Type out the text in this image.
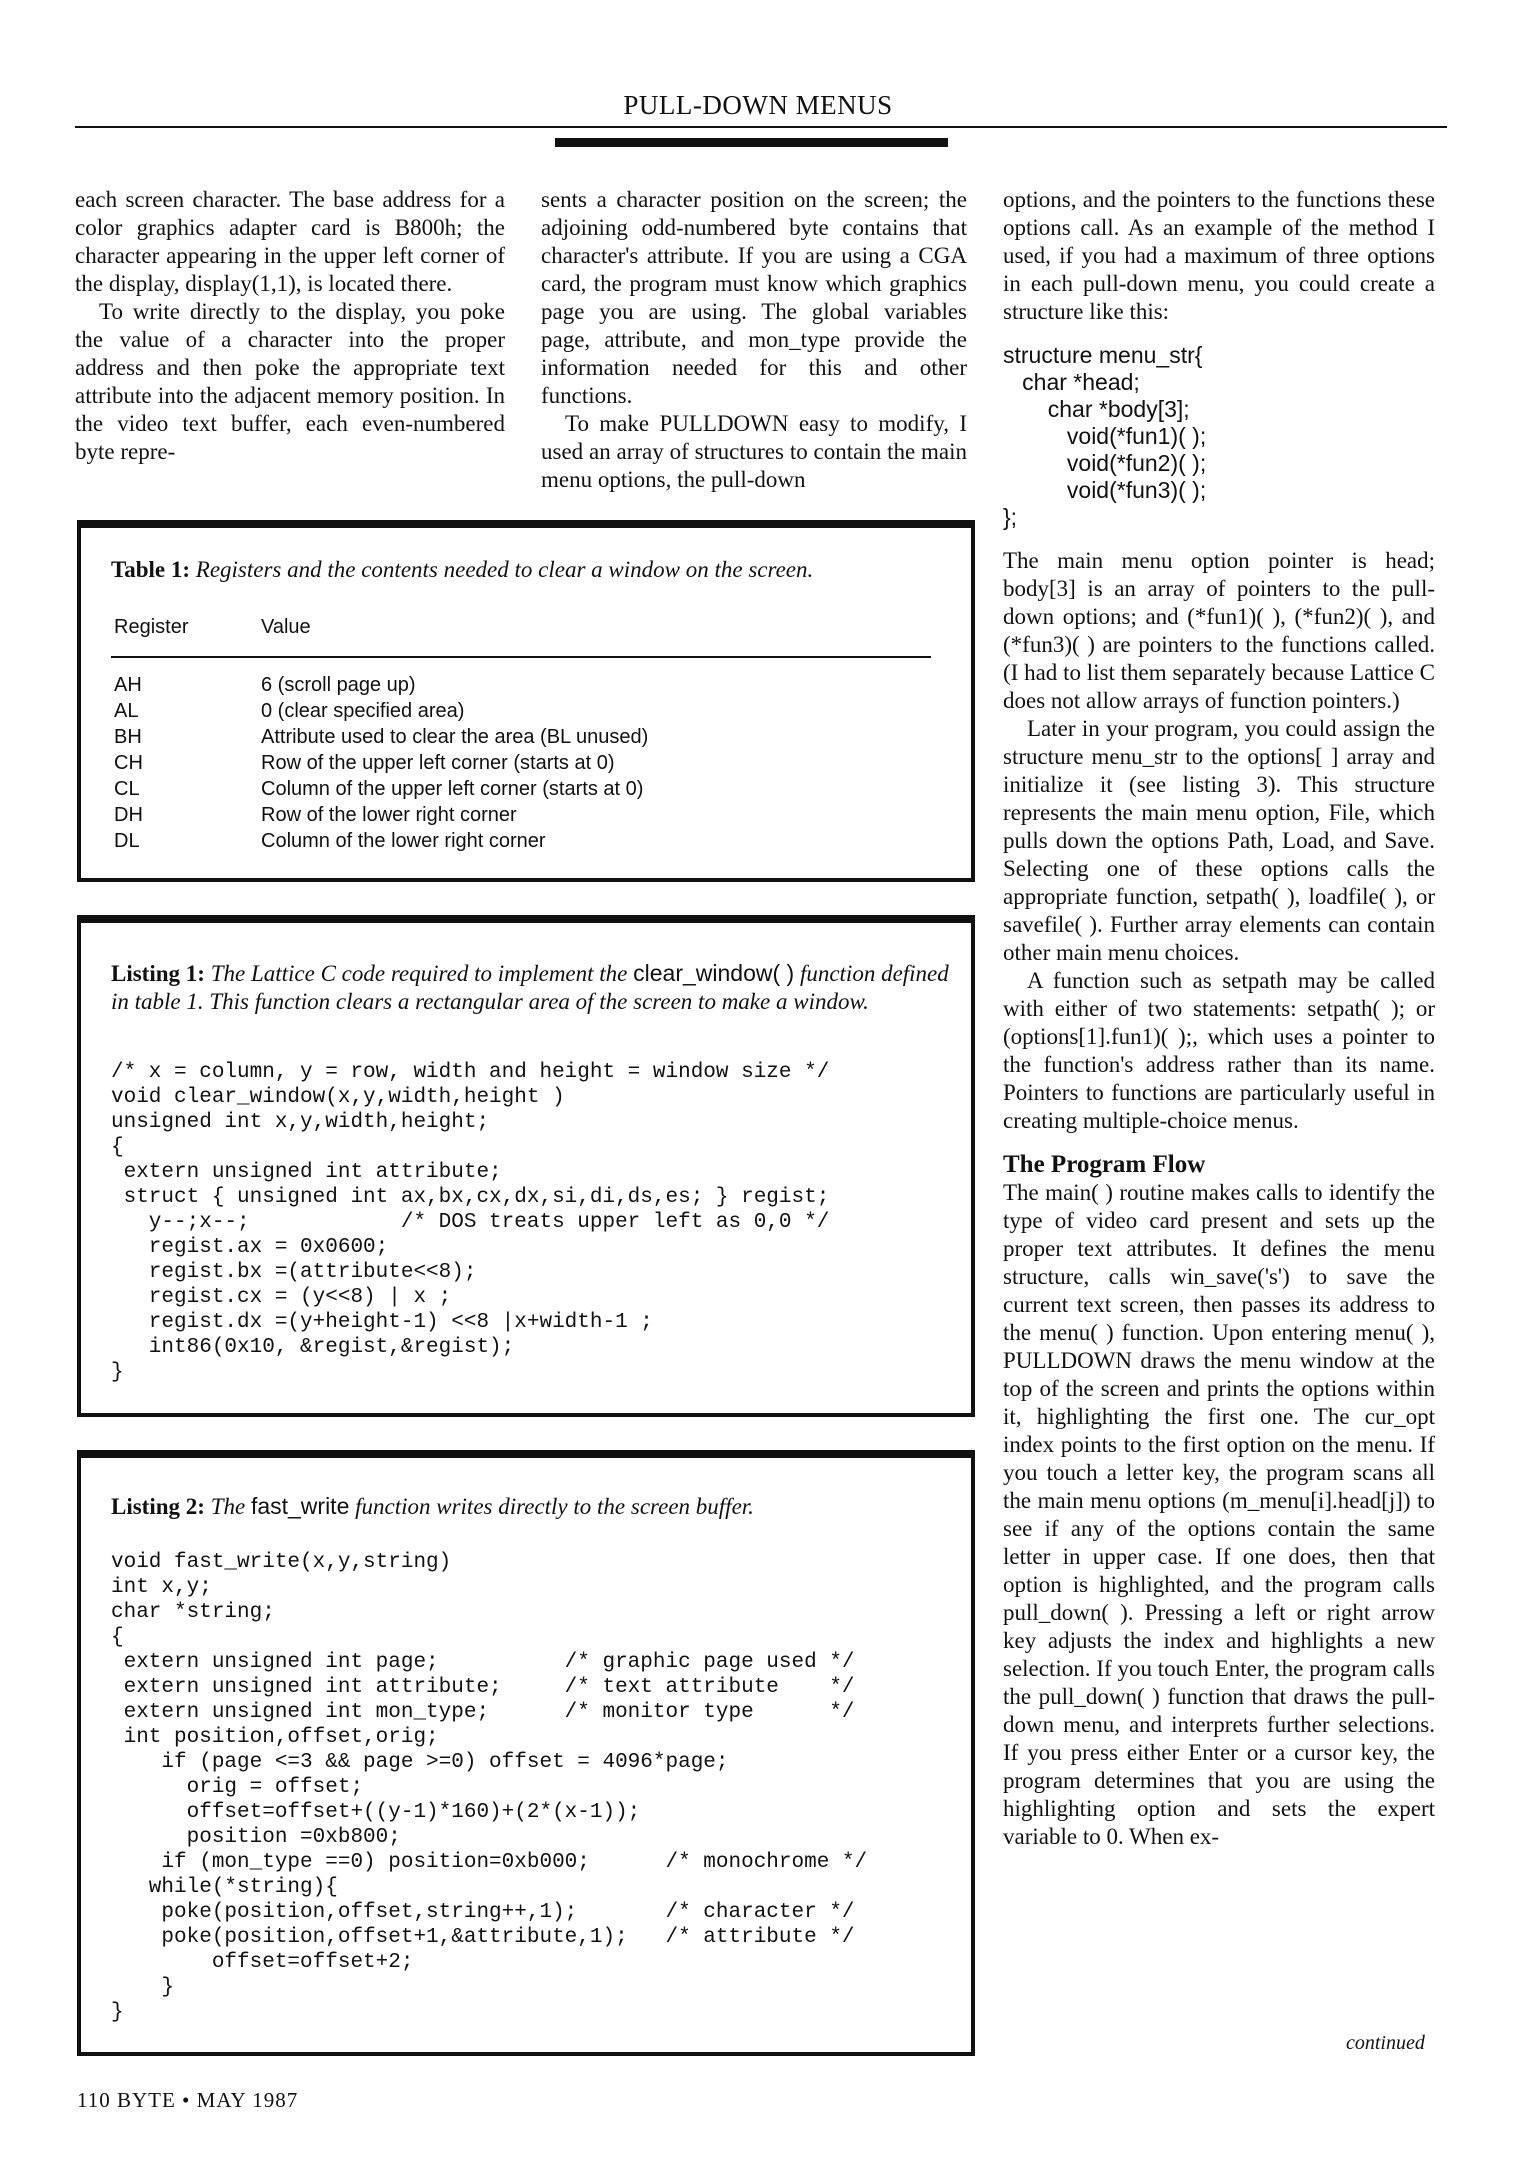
PULL-DOWN MENUS

each screen character. The base address for a color graphics adapter card is B800h; the character appearing in the upper left corner of the display, display(1,1), is located there.

To write directly to the display, you poke the value of a character into the proper address and then poke the appropriate text attribute into the adjacent memory position. In the video text buffer, each even-numbered byte repre-

sents a character position on the screen; the adjoining odd-numbered byte contains that character's attribute. If you are using a CGA card, the program must know which graphics page you are using. The global variables page, attribute, and mon_type provide the information needed for this and other functions.

To make PULLDOWN easy to modify, I used an array of structures to contain the main menu options, the pull-down

Table 1: Registers and the contents needed to clear a window on the screen.
Register	Value
AH	6 (scroll page up)
AL	0 (clear specified area)
BH	Attribute used to clear the area (BL unused)
CH	Row of the upper left corner (starts at 0)
CL	Column of the upper left corner (starts at 0)
DH	Row of the lower right corner
DL	Column of the lower right corner
Listing 1: The Lattice C code required to implement the clear_window( ) function defined in table 1. This function clears a rectangular area of the screen to make a window.
/* x = column, y = row, width and height = window size */
void clear_window(x,y,width,height )
unsigned int x,y,width,height;
{
extern unsigned int attribute;
struct { unsigned int ax,bx,cx,dx,si,di,ds,es; } regist;
y--;x--;            /* DOS treats upper left as 0,0 */
regist.ax = 0x0600;
regist.bx =(attribute<<8);
regist.cx = (y<<8) | x ;
regist.dx =(y+height-1) <<8 |x+width-1 ;
int86(0x10, &regist,&regist);
}
Listing 2: The fast_write function writes directly to the screen buffer.
void fast_write(x,y,string)
int x,y;
char *string;
{
extern unsigned int page;          /* graphic page used */
extern unsigned int attribute;     /* text attribute    */
extern unsigned int mon_type;      /* monitor type      */
int position,offset,orig;
if (page <=3 && page >=0) offset = 4096*page;
orig = offset;
offset=offset+((y-1)*160)+(2*(x-1));
position =0xb800;
if (mon_type ==0) position=0xb000;      /* monochrome */
while(*string){
poke(position,offset,string++,1);       /* character */
poke(position,offset+1,&attribute,1);   /* attribute */
offset=offset+2;
}
}

options, and the pointers to the functions these options call. As an example of the method I used, if you had a maximum of three options in each pull-down menu, you could create a structure like this:

structure menu_str{
char *head;
char *body[3];
void(*fun1)( );
void(*fun2)( );
void(*fun3)( );
};

The main menu option pointer is head; body[3] is an array of pointers to the pull-down options; and (*fun1)( ), (*fun2)( ), and (*fun3)( ) are pointers to the functions called. (I had to list them separately because Lattice C does not allow arrays of function pointers.)

Later in your program, you could assign the structure menu_str to the options[ ] array and initialize it (see listing 3). This structure represents the main menu option, File, which pulls down the options Path, Load, and Save. Selecting one of these options calls the appropriate function, setpath( ), loadfile( ), or savefile( ). Further array elements can contain other main menu choices.

A function such as setpath may be called with either of two statements: setpath( ); or (options[1].fun1)( );, which uses a pointer to the function's address rather than its name. Pointers to functions are particularly useful in creating multiple-choice menus.

The Program Flow

The main( ) routine makes calls to identify the type of video card present and sets up the proper text attributes. It defines the menu structure, calls win_save('s') to save the current text screen, then passes its address to the menu( ) function. Upon entering menu( ), PULLDOWN draws the menu window at the top of the screen and prints the options within it, highlighting the first one. The cur_opt index points to the first option on the menu. If you touch a letter key, the program scans all the main menu options (m_menu[i].head[j]) to see if any of the options contain the same letter in upper case. If one does, then that option is highlighted, and the program calls pull_down( ). Pressing a left or right arrow key adjusts the index and highlights a new selection. If you touch Enter, the program calls the pull_down( ) function that draws the pull-down menu, and interprets further selections. If you press either Enter or a cursor key, the program determines that you are using the highlighting option and sets the expert variable to 0. When ex-

continued
110 BYTE • MAY 1987
